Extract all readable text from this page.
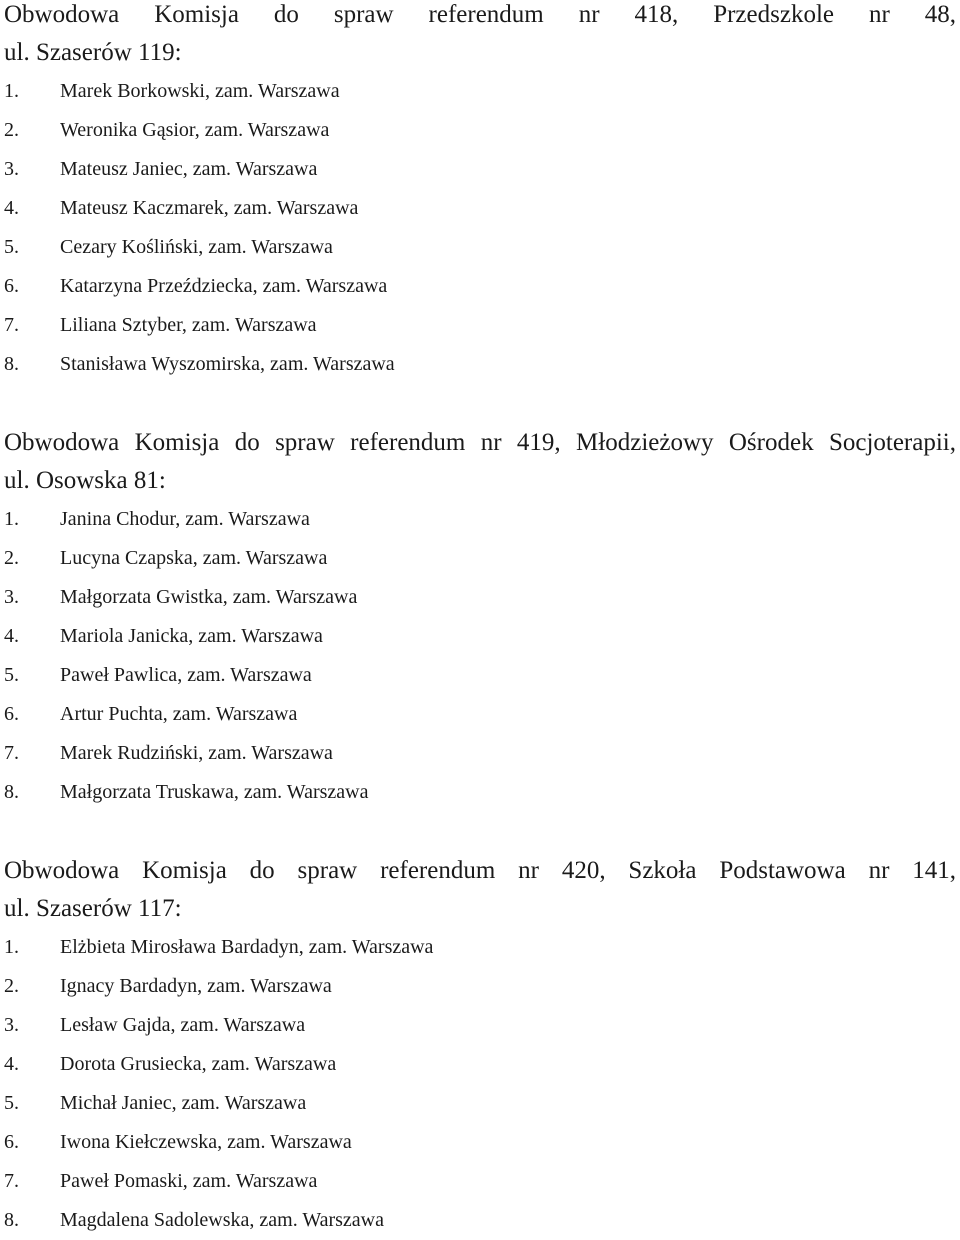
Obwodowa Komisja do spraw referendum nr 418, Przedszkole nr 48,
ul. Szaserów 119:
1. Marek Borkowski, zam. Warszawa
2. Weronika Gąsior, zam. Warszawa
3. Mateusz Janiec, zam. Warszawa
4. Mateusz Kaczmarek, zam. Warszawa
5. Cezary Kośliński, zam. Warszawa
6. Katarzyna Przeździecka, zam. Warszawa
7. Liliana Sztyber, zam. Warszawa
8. Stanisława Wyszomirska, zam. Warszawa
Obwodowa Komisja do spraw referendum nr 419, Młodzieżowy Ośrodek Socjoterapii,
ul. Osowska 81:
1. Janina Chodur, zam. Warszawa
2. Lucyna Czapska, zam. Warszawa
3. Małgorzata Gwistka, zam. Warszawa
4. Mariola Janicka, zam. Warszawa
5. Paweł Pawlica, zam. Warszawa
6. Artur Puchta, zam. Warszawa
7. Marek Rudziński, zam. Warszawa
8. Małgorzata Truskawa, zam. Warszawa
Obwodowa Komisja do spraw referendum nr 420, Szkoła Podstawowa nr 141,
ul. Szaserów 117:
1. Elżbieta Mirosława Bardadyn, zam. Warszawa
2. Ignacy Bardadyn, zam. Warszawa
3. Lesław Gajda, zam. Warszawa
4. Dorota Grusiecka, zam. Warszawa
5. Michał Janiec, zam. Warszawa
6. Iwona Kiełczewska, zam. Warszawa
7. Paweł Pomaski, zam. Warszawa
8. Magdalena Sadolewska, zam. Warszawa
